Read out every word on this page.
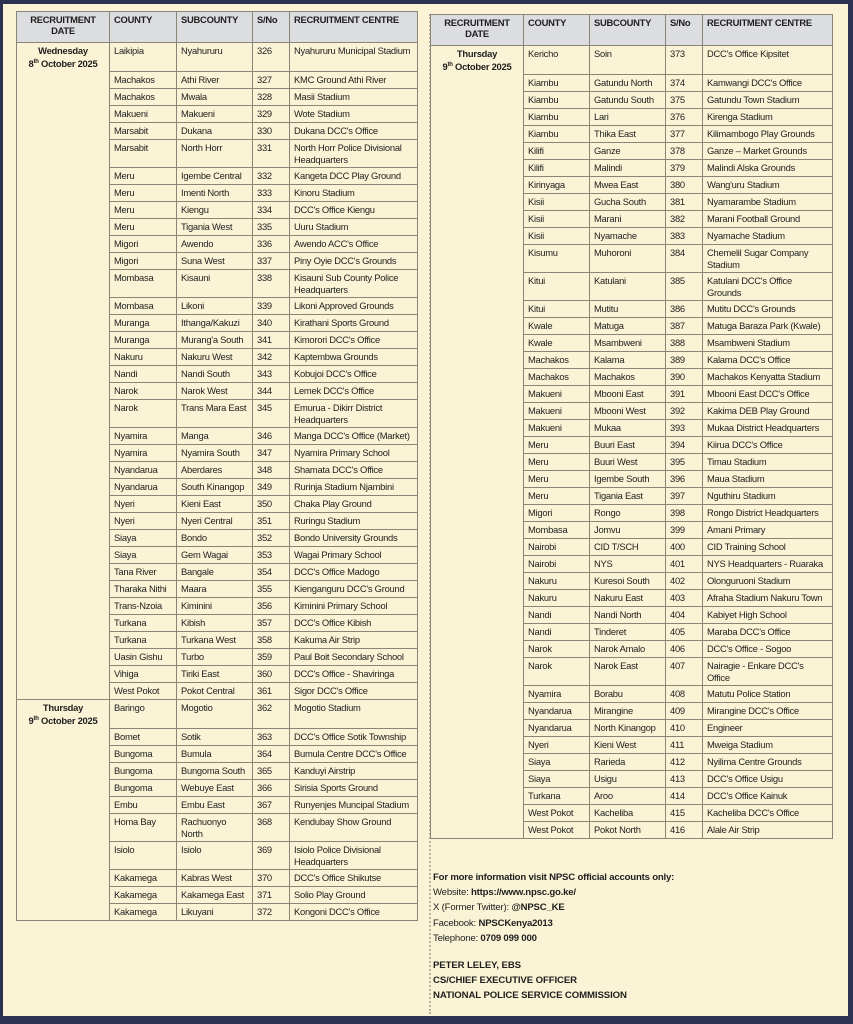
RECRUITMENT DATE	COUNTY	SUBCOUNTY	S/No	RECRUITMENT CENTRE

Wednesday
8th October 2025	Laikipia	Nyahururu	326	Nyahururu Municipal Stadium
	Machakos	Athi River	327	KMC Ground Athi River
	Machakos	Mwala	328	Masii Stadium
	Makueni	Makueni	329	Wote Stadium
	Marsabit	Dukana	330	Dukana DCC's Office
	Marsabit	North Horr	331	North Horr Police Divisional Headquarters
	Meru	Igembe Central	332	Kangeta DCC Play Ground
	Meru	Imenti North	333	Kinoru Stadium
	Meru	Kiengu	334	DCC's Office Kiengu
	Meru	Tigania West	335	Uuru Stadium
	Migori	Awendo	336	Awendo ACC's Office
	Migori	Suna West	337	Piny Oyie DCC's Grounds
	Mombasa	Kisauni	338	Kisauni Sub County Police Headquarters
	Mombasa	Likoni	339	Likoni Approved Grounds
	Muranga	Ithanga/Kakuzi	340	Kirathani Sports Ground
	Muranga	Murang'a South	341	Kimorori DCC's Office
	Nakuru	Nakuru West	342	Kaptembwa Grounds
	Nandi	Nandi South	343	Kobujoi DCC's Office
	Narok	Narok West	344	Lemek DCC's Office
	Narok	Trans Mara East	345	Emurua - Dikirr District Headquarters
	Nyamira	Manga	346	Manga DCC's Office (Market)
	Nyamira	Nyamira South	347	Nyamira Primary School
	Nyandarua	Aberdares	348	Shamata DCC's Office
	Nyandarua	South Kinangop	349	Rurinja Stadium Njambini
	Nyeri	Kieni East	350	Chaka Play Ground
	Nyeri	Nyeri Central	351	Ruringu Stadium
	Siaya	Bondo	352	Bondo University Grounds
	Siaya	Gem Wagai	353	Wagai Primary School
	Tana River	Bangale	354	DCC's Office Madogo
	Tharaka Nithi	Maara	355	Kienganguru DCC's Ground
	Trans-Nzoia	Kiminini	356	Kiminini Primary School
	Turkana	Kibish	357	DCC's Office Kibish
	Turkana	Turkana West	358	Kakuma Air Strip
	Uasin Gishu	Turbo	359	Paul Boit Secondary School
	Vihiga	Tiriki East	360	DCC's Office - Shaviringa
	West Pokot	Pokot Central	361	Sigor DCC's Office

Thursday
9th October 2025	Baringo	Mogotio	362	Mogotio Stadium
	Bomet	Sotik	363	DCC's Office Sotik Township
	Bungoma	Bumula	364	Bumula Centre DCC's Office
	Bungoma	Bungoma South	365	Kanduyi Airstrip
	Bungoma	Webuye East	366	Sirisia Sports Ground
	Embu	Embu East	367	Runyenjes Muncipal Stadium
	Homa Bay	Rachuonyo North	368	Kendubay Show Ground
	Isiolo	Isiolo	369	Isiolo Police Divisional Headquarters
	Kakamega	Kabras West	370	DCC's Office Shikutse
	Kakamega	Kakamega East	371	Solio Play Ground
	Kakamega	Likuyani	372	Kongoni DCC's Office
RECRUITMENT DATE	COUNTY	SUBCOUNTY	S/No	RECRUITMENT CENTRE

Thursday
9th October 2025	Kericho	Soin	373	DCC's Office Kipsitet
	Kiambu	Gatundu North	374	Kamwangi DCC's Office
	Kiambu	Gatundu South	375	Gatundu Town Stadium
	Kiambu	Lari	376	Kirenga Stadium
	Kiambu	Thika East	377	Kilimambogo Play Grounds
	Kilifi	Ganze	378	Ganze – Market Grounds
	Kilifi	Malindi	379	Malindi Alska Grounds
	Kirinyaga	Mwea East	380	Wang'uru Stadium
	Kisii	Gucha South	381	Nyamarambe Stadium
	Kisii	Marani	382	Marani Football Ground
	Kisii	Nyamache	383	Nyamache Stadium
	Kisumu	Muhoroni	384	Chemelil Sugar Company Stadium
	Kitui	Katulani	385	Katulani DCC's Office Grounds
	Kitui	Mutitu	386	Mutitu DCC's Grounds
	Kwale	Matuga	387	Matuga Baraza Park (Kwale)
	Kwale	Msambweni	388	Msambweni Stadium
	Machakos	Kalama	389	Kalama DCC's Office
	Machakos	Machakos	390	Machakos Kenyatta Stadium
	Makueni	Mbooni East	391	Mbooni East DCC's Office
	Makueni	Mbooni West	392	Kakima DEB Play Ground
	Makueni	Mukaa	393	Mukaa District Headquarters
	Meru	Buuri East	394	Kiirua DCC's Office
	Meru	Buuri West	395	Timau Stadium
	Meru	Igembe South	396	Maua Stadium
	Meru	Tigania East	397	Nguthiru Stadium
	Migori	Rongo	398	Rongo District Headquarters
	Mombasa	Jomvu	399	Amani Primary
	Nairobi	CID T/SCH	400	CID Training School
	Nairobi	NYS	401	NYS Headquarters - Ruaraka
	Nakuru	Kuresoi South	402	Olonguruoni Stadium
	Nakuru	Nakuru East	403	Afraha Stadium Nakuru Town
	Nandi	Nandi North	404	Kabiyet High School
	Nandi	Tinderet	405	Maraba DCC's Office
	Narok	Narok Amalo	406	DCC's Office - Sogoo
	Narok	Narok East	407	Nairagie - Enkare DCC's Office
	Nyamira	Borabu	408	Matutu Police Station
	Nyandarua	Mirangine	409	Mirangine DCC's Office
	Nyandarua	North Kinangop	410	Engineer
	Nyeri	Kieni West	411	Mweiga Stadium
	Siaya	Rarieda	412	Nyilima Centre Grounds
	Siaya	Usigu	413	DCC's Office Usigu
	Turkana	Aroo	414	DCC's Office Kainuk
	West Pokot	Kacheliba	415	Kacheliba DCC's Office
	West Pokot	Pokot North	416	Alale Air Strip
For more information visit NPSC official accounts only:
Website: https://www.npsc.go.ke/
X (Former Twitter): @NPSC_KE
Facebook: NPSCKenya2013
Telephone: 0709 099 000
PETER LELEY, EBS
CS/CHIEF EXECUTIVE OFFICER
NATIONAL POLICE SERVICE COMMISSION
